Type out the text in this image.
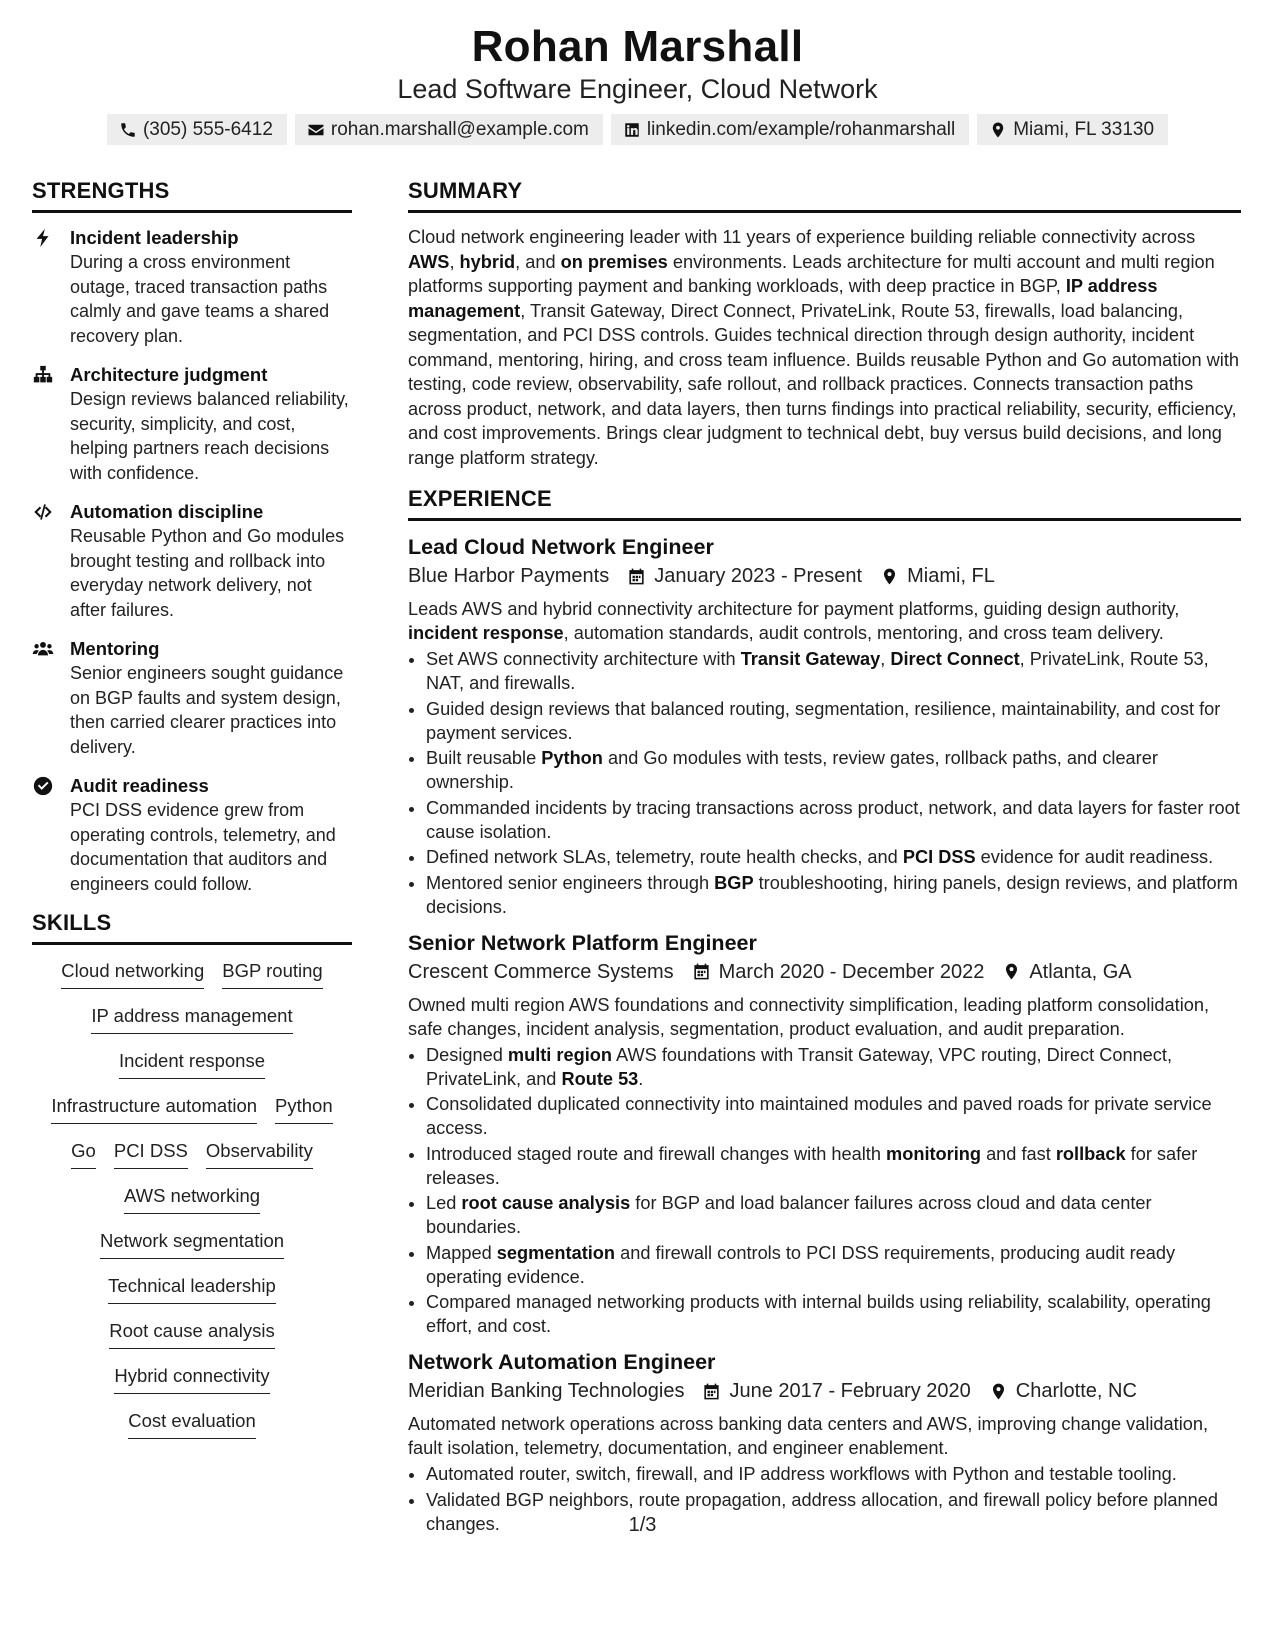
Rohan Marshall
Lead Software Engineer, Cloud Network
(305) 555-6412	rohan.marshall@example.com	linkedin.com/example/rohanmarshall	Miami, FL 33130
STRENGTHS
Incident leadership
During a cross environment outage, traced transaction paths calmly and gave teams a shared recovery plan.
Architecture judgment
Design reviews balanced reliability, security, simplicity, and cost, helping partners reach decisions with confidence.
Automation discipline
Reusable Python and Go modules brought testing and rollback into everyday network delivery, not after failures.
Mentoring
Senior engineers sought guidance on BGP faults and system design, then carried clearer practices into delivery.
Audit readiness
PCI DSS evidence grew from operating controls, telemetry, and documentation that auditors and engineers could follow.
SKILLS
Cloud networking BGP routing
IP address management
Incident response
Infrastructure automation Python
Go PCI DSS Observability
AWS networking
Network segmentation
Technical leadership
Root cause analysis
Hybrid connectivity
Cost evaluation
SUMMARY
Cloud network engineering leader with 11 years of experience building reliable connectivity across AWS, hybrid, and on premises environments. Leads architecture for multi account and multi region platforms supporting payment and banking workloads, with deep practice in BGP, IP address management, Transit Gateway, Direct Connect, PrivateLink, Route 53, firewalls, load balancing, segmentation, and PCI DSS controls. Guides technical direction through design authority, incident command, mentoring, hiring, and cross team influence. Builds reusable Python and Go automation with testing, code review, observability, safe rollout, and rollback practices. Connects transaction paths across product, network, and data layers, then turns findings into practical reliability, security, efficiency, and cost improvements. Brings clear judgment to technical debt, buy versus build decisions, and long range platform strategy.
EXPERIENCE
Lead Cloud Network Engineer
Blue Harbor Payments January 2023 - Present Miami, FL
Leads AWS and hybrid connectivity architecture for payment platforms, guiding design authority, incident response, automation standards, audit controls, mentoring, and cross team delivery.
• Set AWS connectivity architecture with Transit Gateway, Direct Connect, PrivateLink, Route 53, NAT, and firewalls.
• Guided design reviews that balanced routing, segmentation, resilience, maintainability, and cost for payment services.
• Built reusable Python and Go modules with tests, review gates, rollback paths, and clearer ownership.
• Commanded incidents by tracing transactions across product, network, and data layers for faster root cause isolation.
• Defined network SLAs, telemetry, route health checks, and PCI DSS evidence for audit readiness.
• Mentored senior engineers through BGP troubleshooting, hiring panels, design reviews, and platform decisions.
Senior Network Platform Engineer
Crescent Commerce Systems March 2020 - December 2022 Atlanta, GA
Owned multi region AWS foundations and connectivity simplification, leading platform consolidation, safe changes, incident analysis, segmentation, product evaluation, and audit preparation.
• Designed multi region AWS foundations with Transit Gateway, VPC routing, Direct Connect, PrivateLink, and Route 53.
• Consolidated duplicated connectivity into maintained modules and paved roads for private service access.
• Introduced staged route and firewall changes with health monitoring and fast rollback for safer releases.
• Led root cause analysis for BGP and load balancer failures across cloud and data center boundaries.
• Mapped segmentation and firewall controls to PCI DSS requirements, producing audit ready operating evidence.
• Compared managed networking products with internal builds using reliability, scalability, operating effort, and cost.
Network Automation Engineer
Meridian Banking Technologies June 2017 - February 2020 Charlotte, NC
Automated network operations across banking data centers and AWS, improving change validation, fault isolation, telemetry, documentation, and engineer enablement.
• Automated router, switch, firewall, and IP address workflows with Python and testable tooling.
• Validated BGP neighbors, route propagation, address allocation, and firewall policy before planned changes.	1/3
